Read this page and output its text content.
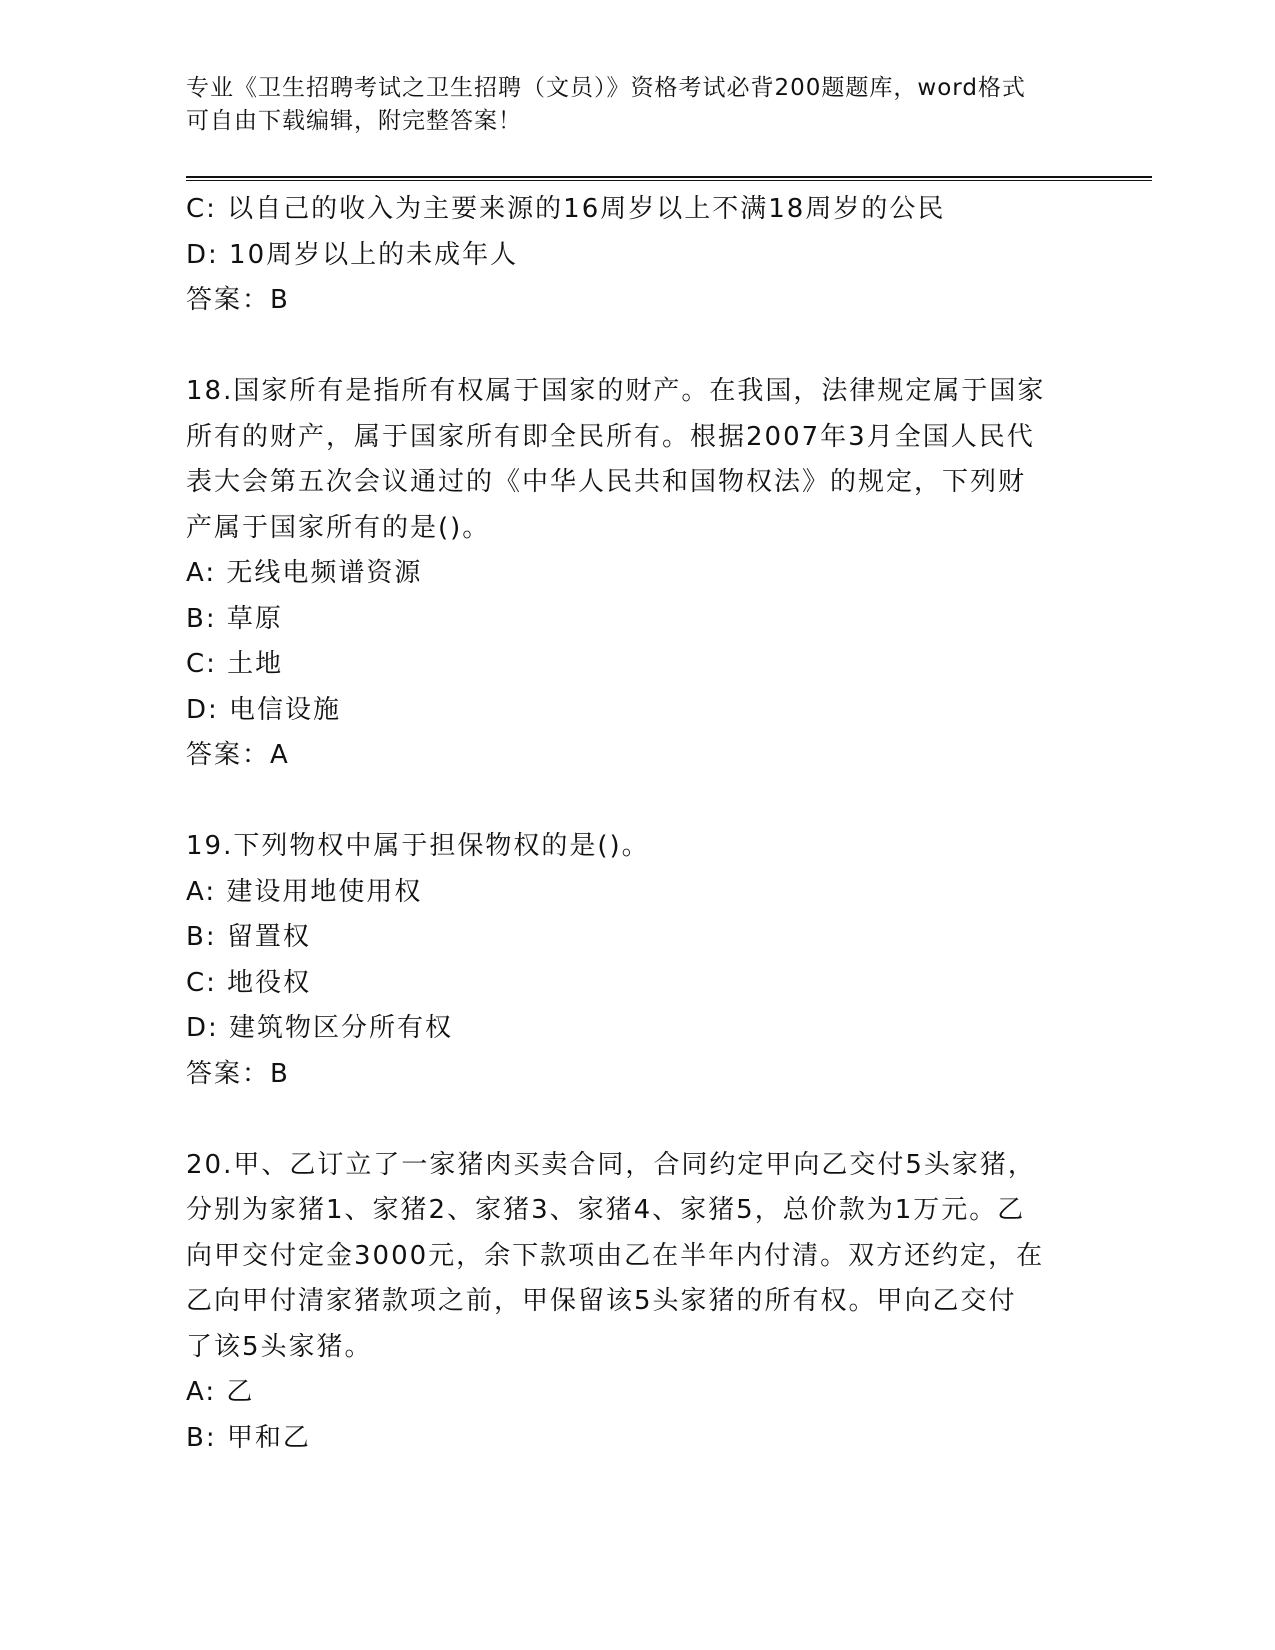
专业《卫生招聘考试之卫生招聘（文员）》资格考试必背200题题库，word格式
可自由下载编辑，附完整答案！
C: 以自己的收入为主要来源的16周岁以上不满18周岁的公民
D: 10周岁以上的未成年人
答案：B
18.国家所有是指所有权属于国家的财产。在我国，法律规定属于国家
所有的财产，属于国家所有即全民所有。根据2007年3月全国人民代
表大会第五次会议通过的《中华人民共和国物权法》的规定，下列财
产属于国家所有的是()。
A: 无线电频谱资源
B: 草原
C: 土地
D: 电信设施
答案：A
19.下列物权中属于担保物权的是()。
A: 建设用地使用权
B: 留置权
C: 地役权
D: 建筑物区分所有权
答案：B
20.甲、乙订立了一家猪肉买卖合同，合同约定甲向乙交付5头家猪，
分别为家猪1、家猪2、家猪3、家猪4、家猪5，总价款为1万元。乙
向甲交付定金3000元，余下款项由乙在半年内付清。双方还约定，在
乙向甲付清家猪款项之前，甲保留该5头家猪的所有权。甲向乙交付
了该5头家猪。
A: 乙
B: 甲和乙
